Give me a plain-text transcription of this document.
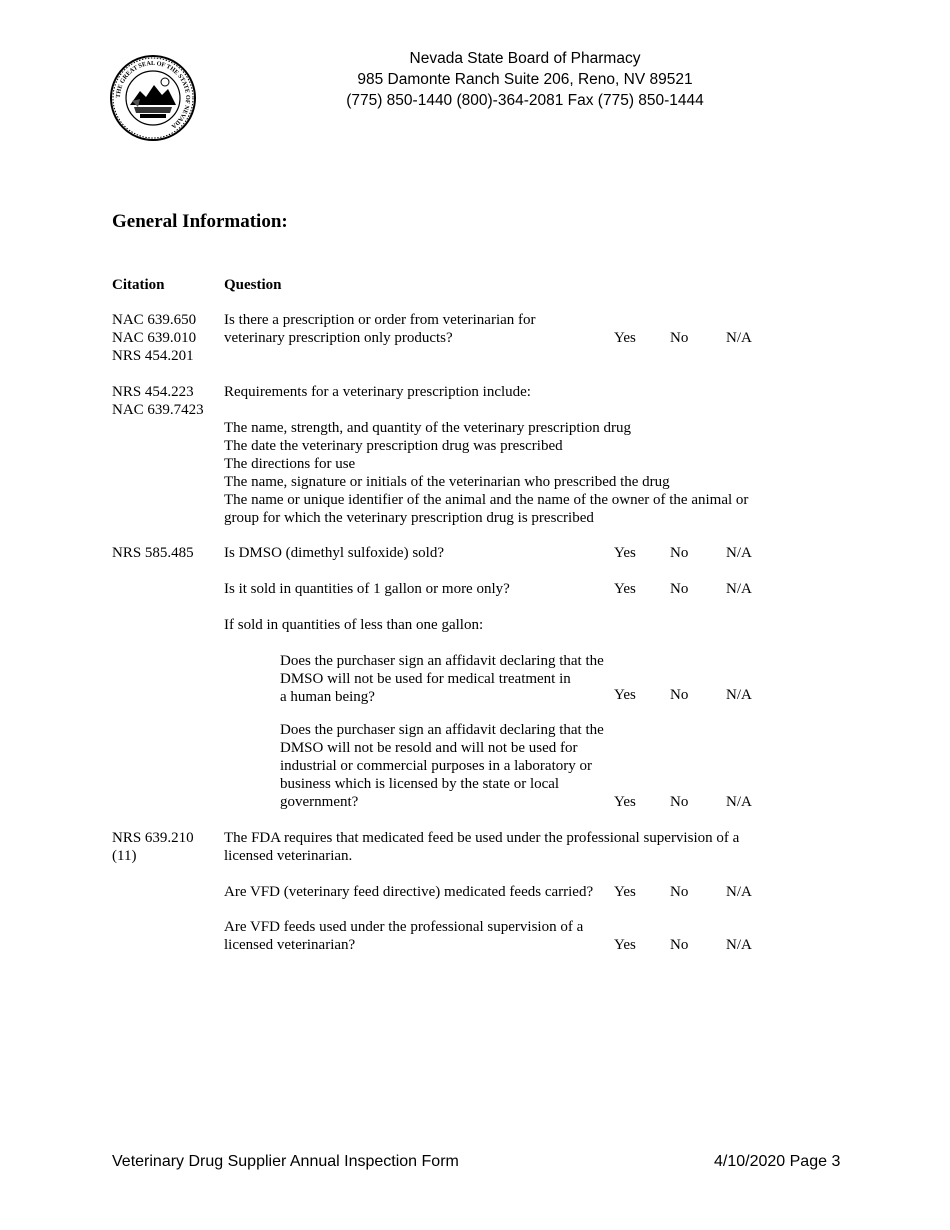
THE GREAT SEAL OF THE STATE OF NEVADA
Nevada State Board of Pharmacy
985 Damonte Ranch Suite 206, Reno, NV 89521
(775) 850-1440 (800)-364-2081 Fax (775) 850-1444
General Information:
Citation	Question
NAC 639.650
NAC 639.010
NRS 454.201
Is there a prescription or order from veterinarian for
veterinary prescription only products?	Yes No	N/A
NRS 454.223
NAC 639.7423
Requirements for a veterinary prescription include:
The name, strength, and quantity of the veterinary prescription drug
The date the veterinary prescription drug was prescribed
The directions for use
The name, signature or initials of the veterinarian who prescribed the drug
The name or unique identifier of the animal and the name of the owner of the animal or
group for which the veterinary prescription drug is prescribed
NRS 585.485 Is DMSO (dimethyl sulfoxide) sold?	Yes No	N/A
Is it sold in quantities of 1 gallon or more only?	Yes No	N/A
If sold in quantities of less than one gallon:
Does the purchaser sign an affidavit declaring that the
DMSO will not be used for medical treatment in
a human being?	Yes No	N/A
Does the purchaser sign an affidavit declaring that the
DMSO will not be resold and will not be used for
industrial or commercial purposes in a laboratory or
business which is licensed by the state or local
government?	Yes No	N/A
NRS 639.210
(11)
The FDA requires that medicated feed be used under the professional supervision of a
licensed veterinarian.
Are VFD (veterinary feed directive) medicated feeds carried? Yes No	N/A
Are VFD feeds used under the professional supervision of a
licensed veterinarian?	Yes No	N/A
Veterinary Drug Supplier Annual Inspection Form	4/10/2020 Page 3
